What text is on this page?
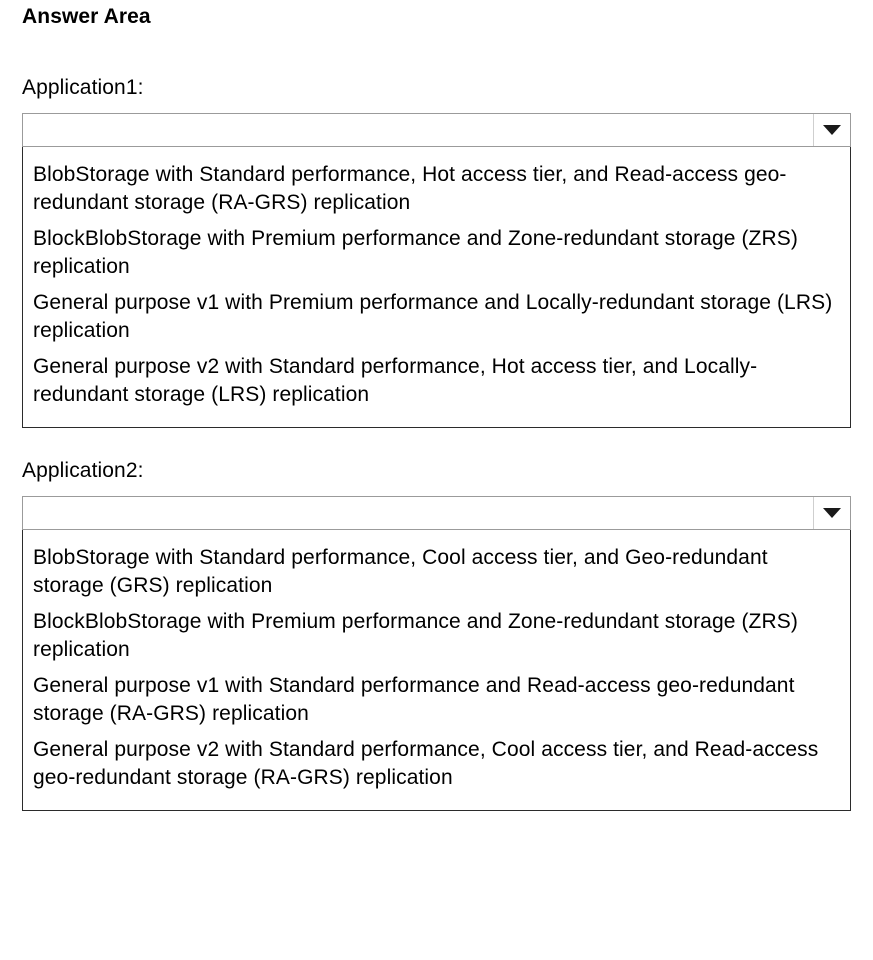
Answer Area
Application1:
BlobStorage with Standard performance, Hot access tier, and Read-access geo-redundant storage (RA-GRS) replication
BlockBlobStorage with Premium performance and Zone-redundant storage (ZRS) replication
General purpose v1 with Premium performance and Locally-redundant storage (LRS) replication
General purpose v2 with Standard performance, Hot access tier, and Locally-redundant storage (LRS) replication
Application2:
BlobStorage with Standard performance, Cool access tier, and Geo-redundant storage (GRS) replication
BlockBlobStorage with Premium performance and Zone-redundant storage (ZRS) replication
General purpose v1 with Standard performance and Read-access geo-redundant storage (RA-GRS) replication
General purpose v2 with Standard performance, Cool access tier, and Read-access geo-redundant storage (RA-GRS) replication
